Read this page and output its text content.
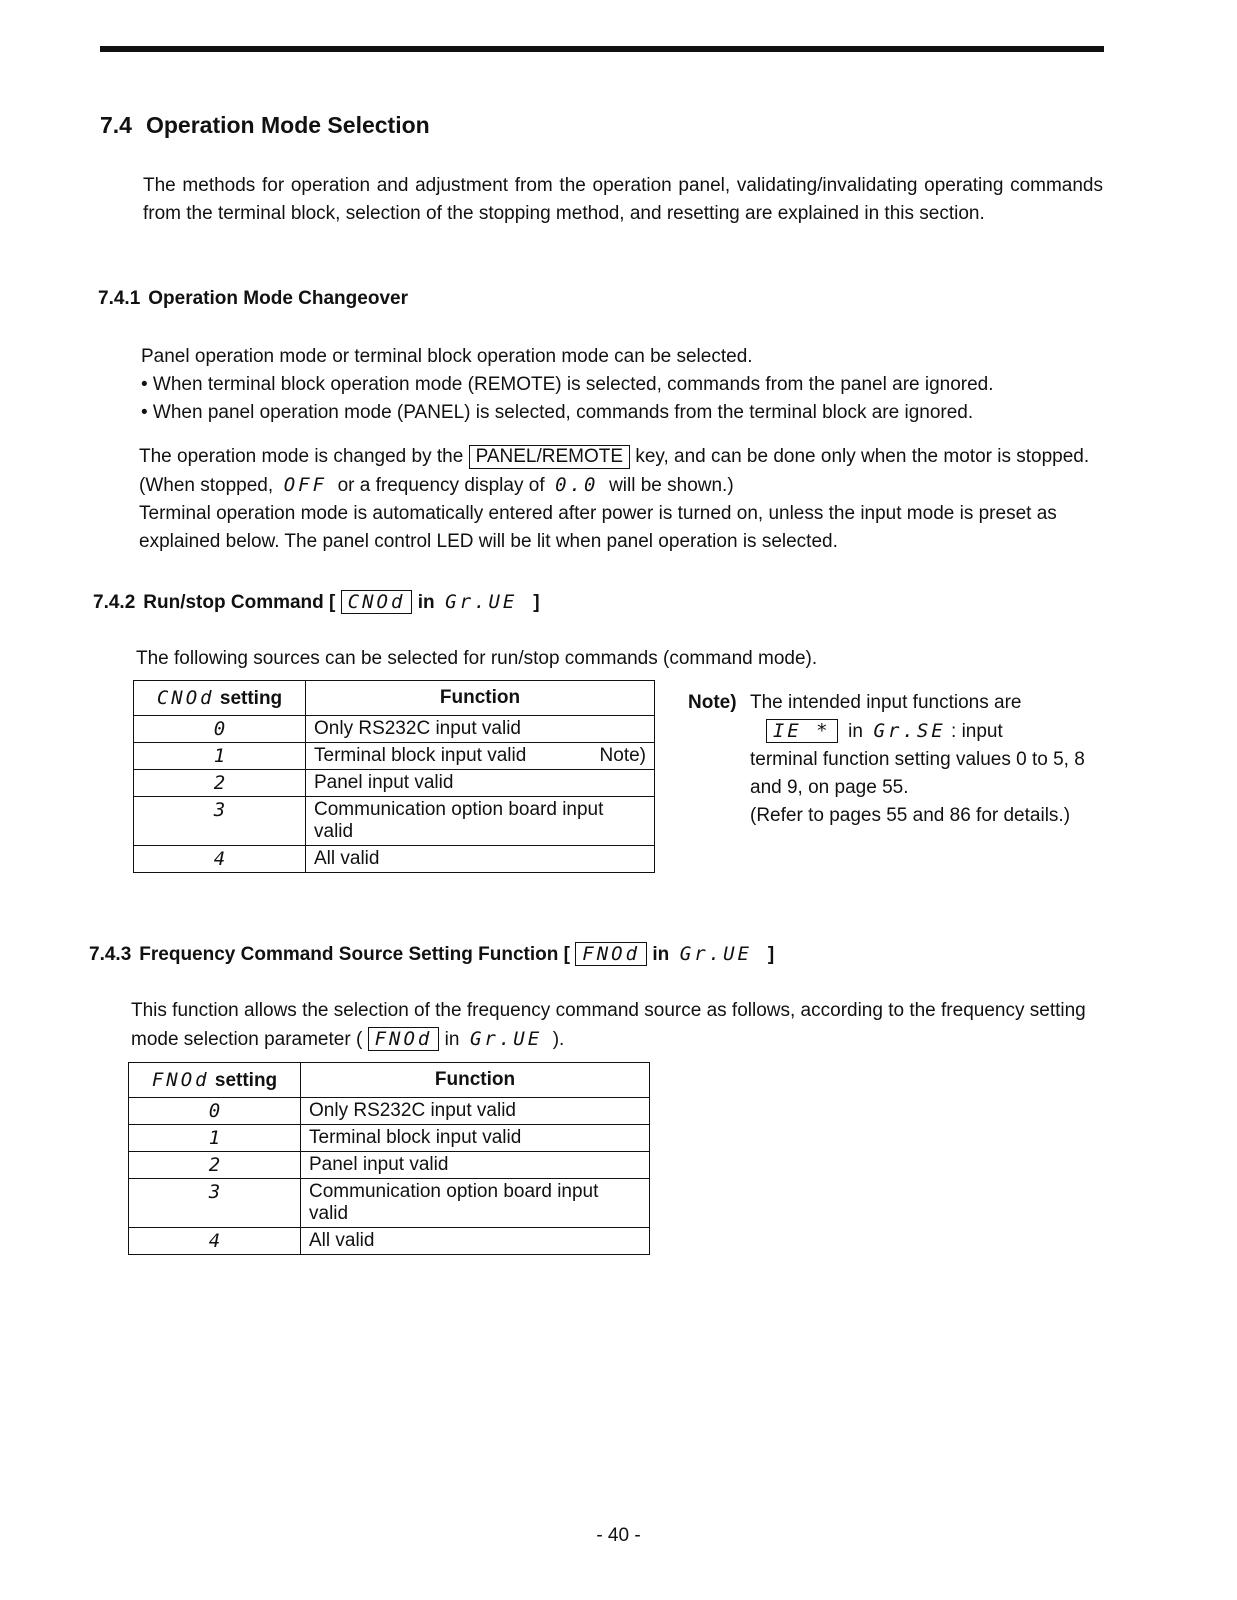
7.4 Operation Mode Selection
The methods for operation and adjustment from the operation panel, validating/invalidating operating commands from the terminal block, selection of the stopping method, and resetting are explained in this section.
7.4.1 Operation Mode Changeover
Panel operation mode or terminal block operation mode can be selected.
• When terminal block operation mode (REMOTE) is selected, commands from the panel are ignored.
• When panel operation mode (PANEL) is selected, commands from the terminal block are ignored.
The operation mode is changed by the PANEL/REMOTE key, and can be done only when the motor is stopped. (When stopped, OFF or a frequency display of 0.0 will be shown.)
Terminal operation mode is automatically entered after power is turned on, unless the input mode is preset as explained below. The panel control LED will be lit when panel operation is selected.
7.4.2 Run/stop Command [ CNOd in Gr.UE ]
The following sources can be selected for run/stop commands (command mode).
CNOd setting	Function
0	Only RS232C input valid
1	Terminal block input valid Note)

2	Panel input valid
3	Communication option board input valid
4	All valid
Note) The intended input functions are
IE * in Gr.SE : input
terminal function setting values 0 to 5, 8 and 9, on page 55.
(Refer to pages 55 and 86 for details.)
7.4.3 Frequency Command Source Setting Function [ FNOd in Gr.UE ]
This function allows the selection of the frequency command source as follows, according to the frequency setting mode selection parameter ( FNOd in Gr.UE ).
FNOd setting	Function
0	Only RS232C input valid
1	Terminal block input valid
2	Panel input valid
3	Communication option board input valid
4	All valid
- 40 -
